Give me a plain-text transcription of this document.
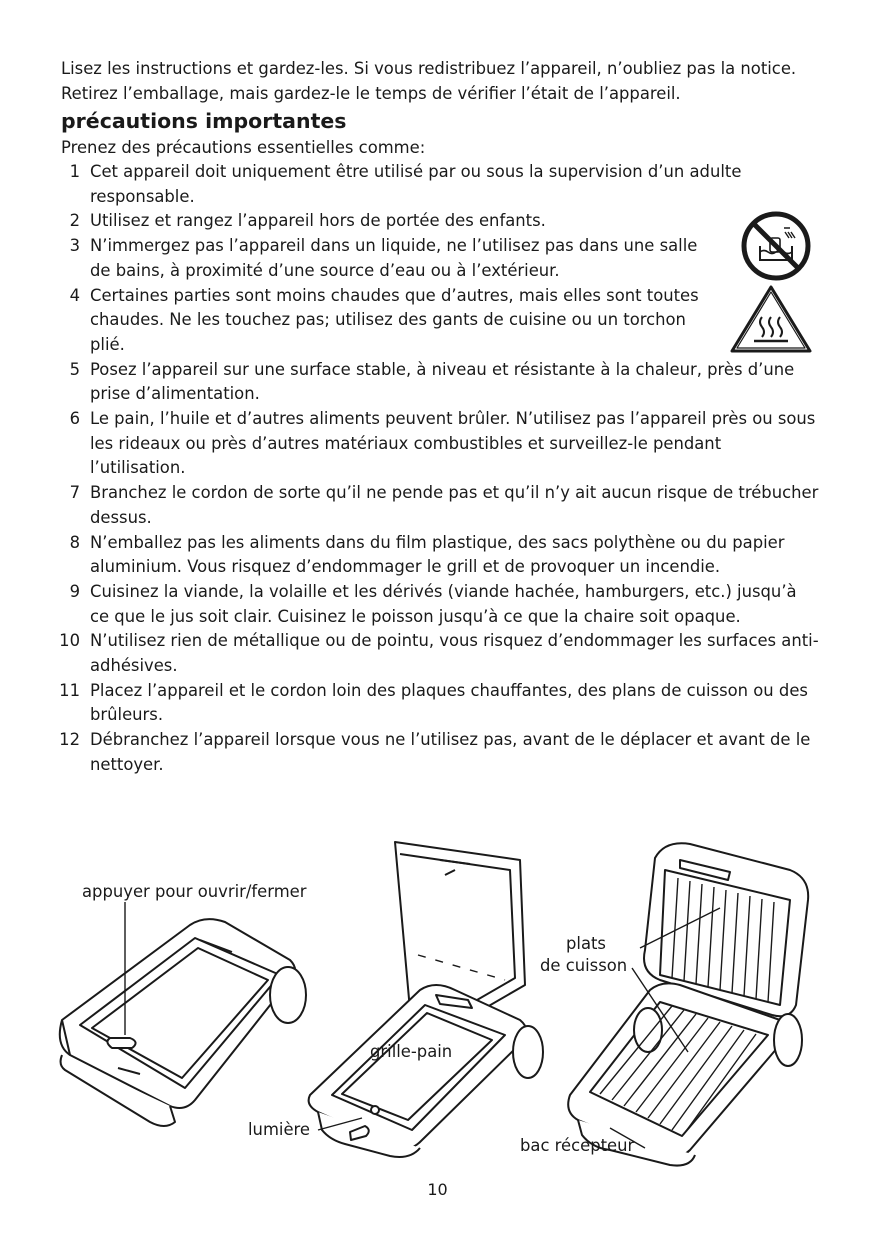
Lisez les instructions et gardez-les. Si vous redistribuez l’appareil, n’oubliez pas la notice. Retirez l’emballage, mais gardez-le le temps de vérifier l’était de l’appareil.

précautions importantes

Prenez des précautions essentielles comme:

1 Cet appareil doit uniquement être utilisé par ou sous la supervision d’un adulte responsable.
2 Utilisez et rangez l’appareil hors de portée des enfants.
3 N’immergez pas l’appareil dans un liquide, ne l’utilisez pas dans une salle de bains, à proximité d’une source d’eau ou à l’extérieur.
4 Certaines parties sont moins chaudes que d’autres, mais elles sont toutes chaudes. Ne les touchez pas; utilisez des gants de cuisine ou un torchon plié.
5 Posez l’appareil sur une surface stable, à niveau et résistante à la chaleur, près d’une prise d’alimentation.
6 Le pain, l’huile et d’autres aliments peuvent brûler. N’utilisez pas l’appareil près ou sous les rideaux ou près d’autres matériaux combustibles et surveillez-le pendant l’utilisation.
7 Branchez le cordon de sorte qu’il ne pende pas et qu’il n’y ait aucun risque de trébucher dessus.
8 N’emballez pas les aliments dans du film plastique, des sacs polythène ou du papier aluminium. Vous risquez d’endommager le grill et de provoquer un incendie.
9 Cuisinez la viande, la volaille et les dérivés (viande hachée, hamburgers, etc.) jusqu’à ce que le jus soit clair. Cuisinez le poisson jusqu’à ce que la chaire soit opaque.
10 N’utilisez rien de métallique ou de pointu, vous risquez d’endommager les surfaces anti-adhésives.
11 Placez l’appareil et le cordon loin des plaques chauffantes, des plans de cuisson ou des brûleurs.
12 Débranchez l’appareil lorsque vous ne l’utilisez pas, avant de le déplacer et avant de le nettoyer.
appuyer pour ouvrir/fermer
plats
de cuisson
grille-pain
lumière
bac récepteur
10
